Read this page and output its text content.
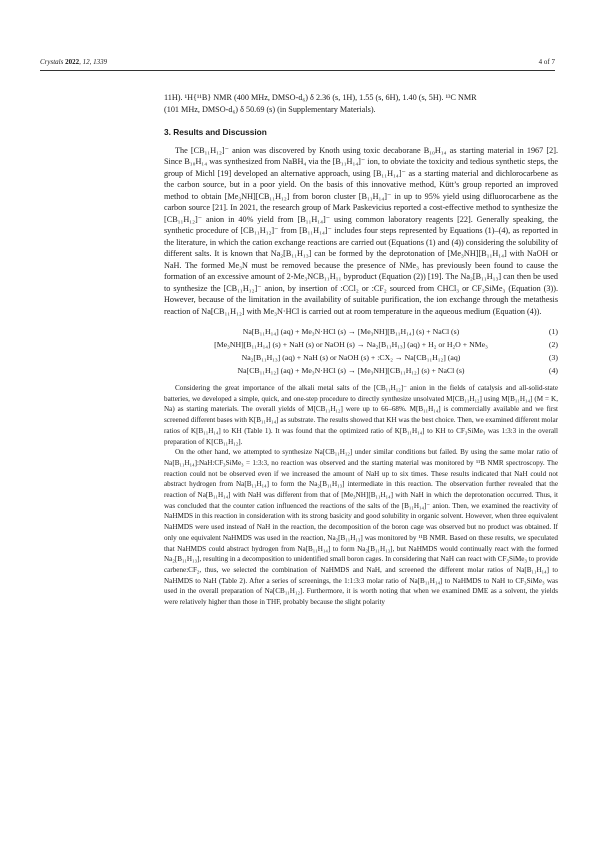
Crystals 2022, 12, 1339	4 of 7

11H). ¹H{¹¹B} NMR (400 MHz, DMSO-d₆) δ 2.36 (s, 1H), 1.55 (s, 6H), 1.40 (s, 5H). ¹³C NMR

(101 MHz, DMSO-d₆) δ 50.69 (s) (in Supplementary Materials).

3. Results and Discussion

The [CB₁₁H₁₂]⁻ anion was discovered by Knoth using toxic decaborane B₁₀H₁₄ as starting material in 1967 [2]. Since B₁₀H₁₄ was synthesized from NaBH₄ via the [B₁₁H₁₄]⁻ ion, to obviate the toxicity and tedious synthetic steps, the group of Michl [19] developed an alternative approach, using [B₁₁H₁₄]⁻ as a starting material and dichlorocarbene as the carbon source, but in a poor yield. On the basis of this innovative method, Kütt’s group reported an improved method to obtain [Me₃NH][CB₁₁H₁₂] from boron cluster [B₁₁H₁₄]⁻ in up to 95% yield using difluorocarbene as the carbon source [21]. In 2021, the research group of Mark Paskevicius reported a cost-effective method to synthesize the [CB₁₁H₁₂]⁻ anion in 40% yield from [B₁₁H₁₄]⁻ using common laboratory reagents [22]. Generally speaking, the synthetic procedure of [CB₁₁H₁₂]⁻ from [B₁₁H₁₄]⁻ includes four steps represented by Equations (1)–(4), as reported in the literature, in which the cation exchange reactions are carried out (Equations (1) and (4)) considering the solubility of different salts. It is known that Na₂[B₁₁H₁₃] can be formed by the deprotonation of [Me₃NH][B₁₁H₁₄] with NaOH or NaH. The formed Me₃N must be removed because the presence of NMe₃ has previously been found to cause the formation of an excessive amount of 2-Me₃NCB₁₁H₁₁ byproduct (Equation (2)) [19]. The Na₂[B₁₁H₁₃] can then be used to synthesize the [CB₁₁H₁₂]⁻ anion, by insertion of :CCl₂ or :CF₂ sourced from CHCl₃ or CF₃SiMe₃ (Equation (3)). However, because of the limitation in the availability of suitable purification, the ion exchange through the metathesis reaction of Na[CB₁₁H₁₂] with Me₃N·HCl is carried out at room temperature in the aqueous medium (Equation (4)).

Na[B₁₁H₁₄] (aq) + Me₃N·HCl (s) → [Me₃NH][B₁₁H₁₄] (s) + NaCl (s)	(1)
[Me₃NH][B₁₁H₁₄] (s) + NaH (s) or NaOH (s) → Na₂[B₁₁H₁₃] (aq) + H₂ or H₂O + NMe₃	(2)
Na₂[B₁₁H₁₃] (aq) + NaH (s) or NaOH (s) + :CX₂ → Na[CB₁₁H₁₂] (aq)	(3)
Na[CB₁₁H₁₂] (aq) + Me₃N·HCl (s) → [Me₃NH][CB₁₁H₁₂] (s) + NaCl (s)	(4)

Considering the great importance of the alkali metal salts of the [CB₁₁H₁₂]⁻ anion in the fields of catalysis and all-solid-state batteries, we developed a simple, quick, and one-step procedure to directly synthesize unsolvated M[CB₁₁H₁₂] using M[B₁₁H₁₄] (M = K, Na) as starting materials. The overall yields of M[CB₁₁H₁₂] were up to 66–68%. M[B₁₁H₁₄] is commercially available and we first screened different bases with K[B₁₁H₁₄] as substrate. The results showed that KH was the best choice. Then, we examined different molar ratios of K[B₁₁H₁₄] to KH (Table 1). It was found that the optimized ratio of K[B₁₁H₁₄] to KH to CF₃SiMe₃ was 1:3:3 in the overall preparation of K[CB₁₁H₁₂].

On the other hand, we attempted to synthesize Na[CB₁₁H₁₂] under similar conditions but failed. By using the same molar ratio of Na[B₁₁H₁₄]:NaH:CF₃SiMe₃ = 1:3:3, no reaction was observed and the starting material was monitored by ¹¹B NMR spectroscopy. The reaction could not be observed even if we increased the amount of NaH up to six times. These results indicated that NaH could not abstract hydrogen from Na[B₁₁H₁₄] to form the Na₂[B₁₁H₁₃] intermediate in this reaction. The observation further revealed that the reaction of Na[B₁₁H₁₄] with NaH was different from that of [Me₃NH][B₁₁H₁₄] with NaH in which the deprotonation occurred. Thus, it was concluded that the counter cation influenced the reactions of the salts of the [B₁₁H₁₄]⁻ anion. Then, we examined the reactivity of NaHMDS in this reaction in consideration with its strong basicity and good solubility in organic solvent. However, when three equivalent NaHMDS were used instead of NaH in the reaction, the decomposition of the boron cage was observed but no product was obtained. If only one equivalent NaHMDS was used in the reaction, Na₂[B₁₁H₁₃] was monitored by ¹¹B NMR. Based on these results, we speculated that NaHMDS could abstract hydrogen from Na[B₁₁H₁₄] to form Na₂[B₁₁H₁₃], but NaHMDS would continually react with the formed Na₂[B₁₁H₁₃], resulting in a decomposition to unidentified small boron cages. In considering that NaH can react with CF₃SiMe₃ to provide carbene:CF₂, thus, we selected the combination of NaHMDS and NaH, and screened the different molar ratios of Na[B₁₁H₁₄] to NaHMDS to NaH (Table 2). After a series of screenings, the 1:1:3:3 molar ratio of Na[B₁₁H₁₄] to NaHMDS to NaH to CF₃SiMe₃ was used in the overall preparation of Na[CB₁₁H₁₂]. Furthermore, it is worth noting that when we examined DME as a solvent, the yields were relatively higher than those in THF, probably because the slight polarity
